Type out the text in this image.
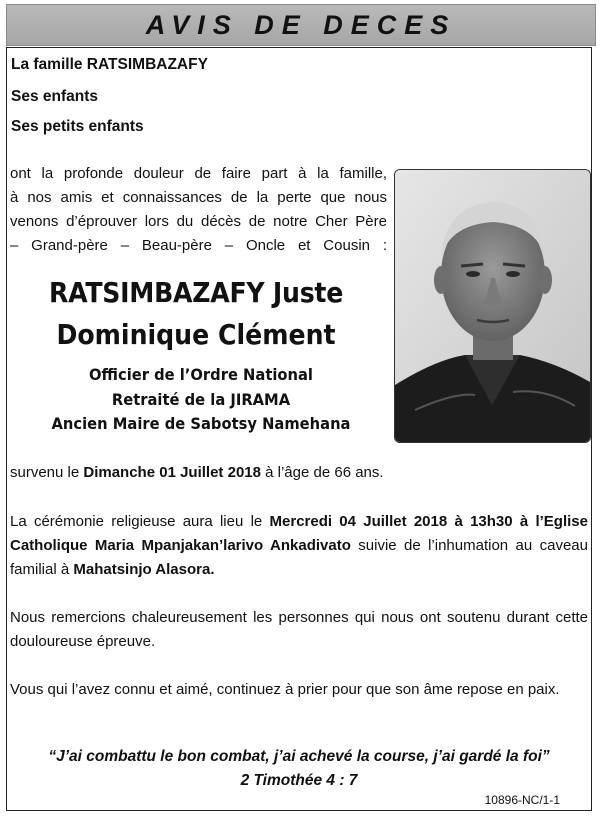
AVIS DE DECES
La famille RATSIMBAZAFY
Ses enfants
Ses petits enfants
ont la profonde douleur de faire part à la famille,
à nos amis et connaissances de la perte que nous
venons d’éprouver lors du décès de notre Cher Père
– Grand-père – Beau-père – Oncle et Cousin :
RATSIMBAZAFY Juste
Dominique Clément
Officier de l’Ordre National
Retraité de la JIRAMA
Ancien Maire de Sabotsy Namehana
survenu le Dimanche 01 Juillet 2018 à l’âge de 66 ans.
La cérémonie religieuse aura lieu le Mercredi 04 Juillet 2018 à 13h30 à l’Eglise Catholique Maria Mpanjakan’larivo Ankadivato suivie de l’inhumation au caveau familial à Mahatsinjo Alasora.
Nous remercions chaleureusement les personnes qui nous ont soutenu durant cette douloureuse épreuve.
Vous qui l’avez connu et aimé, continuez à prier pour que son âme repose en paix.
“J’ai combattu le bon combat, j’ai achevé la course, j’ai gardé la foi”
2 Timothée 4 : 7
10896-NC/1-1
